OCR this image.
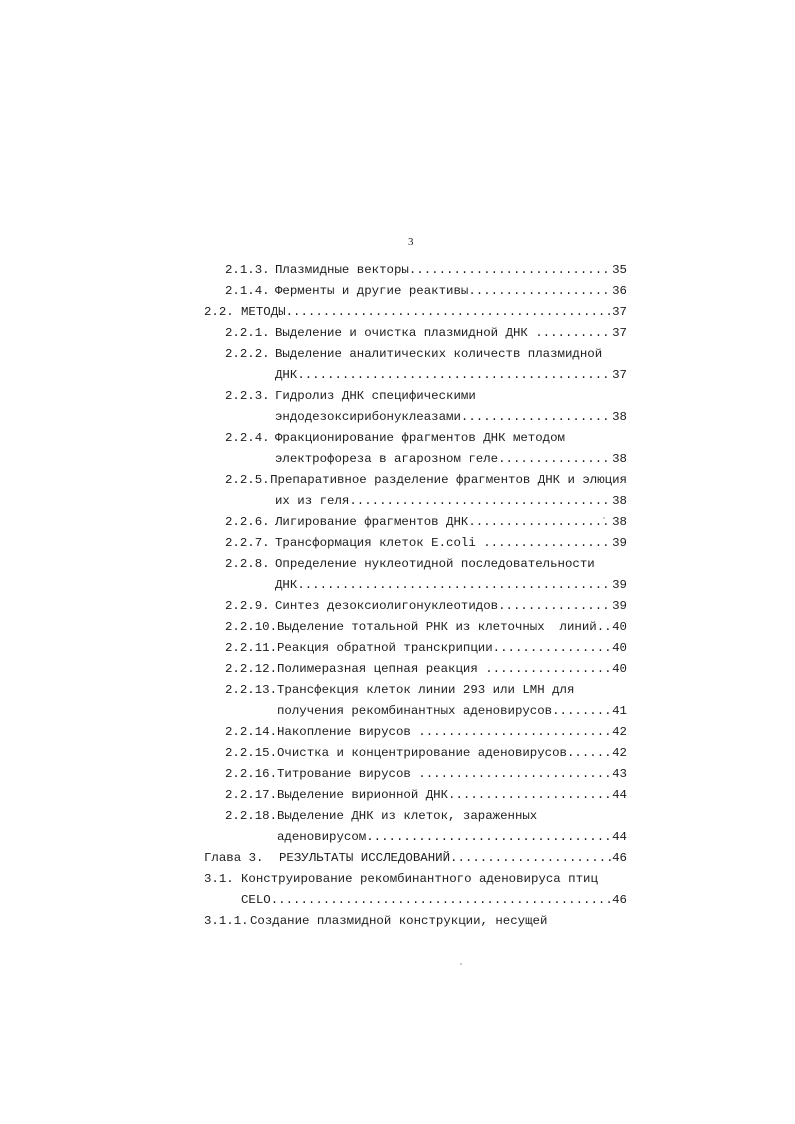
3
2.1.3. Плазмидные векторы .....	35
2.1.4. Ферменты и другие реактивы .....	36
2.2. МЕТОДЫ .....	37
2.2.1. Выделение и очистка плазмидной ДНК .....	37
2.2.2. Выделение аналитических количеств плазмидной
ДНК .....	37
2.2.3. Гидролиз ДНК специфическими
эндодезоксирибонуклеазами .....	38
2.2.4. Фракционирование фрагментов ДНК методом
электрофореза в агарозном геле .....	38
2.2.5. Препаративное разделение фрагментов ДНК и элюция
их из геля .....	38
2.2.6. Лигирование фрагментов ДНК .....	38
2.2.7. Трансформация клеток E.coli .....	39
2.2.8. Определение нуклеотидной последовательности
ДНК .....	39
2.2.9. Синтез дезоксиолигонуклеотидов .....	39
2.2.10. Выделение тотальной РНК из клеточных  линий ..... 40
2.2.11. Реакция обратной транскрипции .....	40
2.2.12. Полимеразная цепная реакция .....	40
2.2.13. Трансфекция клеток линии 293 или LMH для
получения рекомбинантных аденовирусов .....	41
2.2.14. Накопление вирусов .....	42
2.2.15. Очистка и концентрирование аденовирусов .....	42
2.2.16. Титрование вирусов .....	43
2.2.17. Выделение вирионной ДНК .....	44
2.2.18. Выделение ДНК из клеток, зараженных
аденовирусом .....	44
Глава 3.	РЕЗУЛЬТАТЫ ИССЛЕДОВАНИЙ .....	46
3.1. Конструирование рекомбинантного аденовируса птиц
CELO .....	46
3.1.1. Создание плазмидной конструкции, несущей
